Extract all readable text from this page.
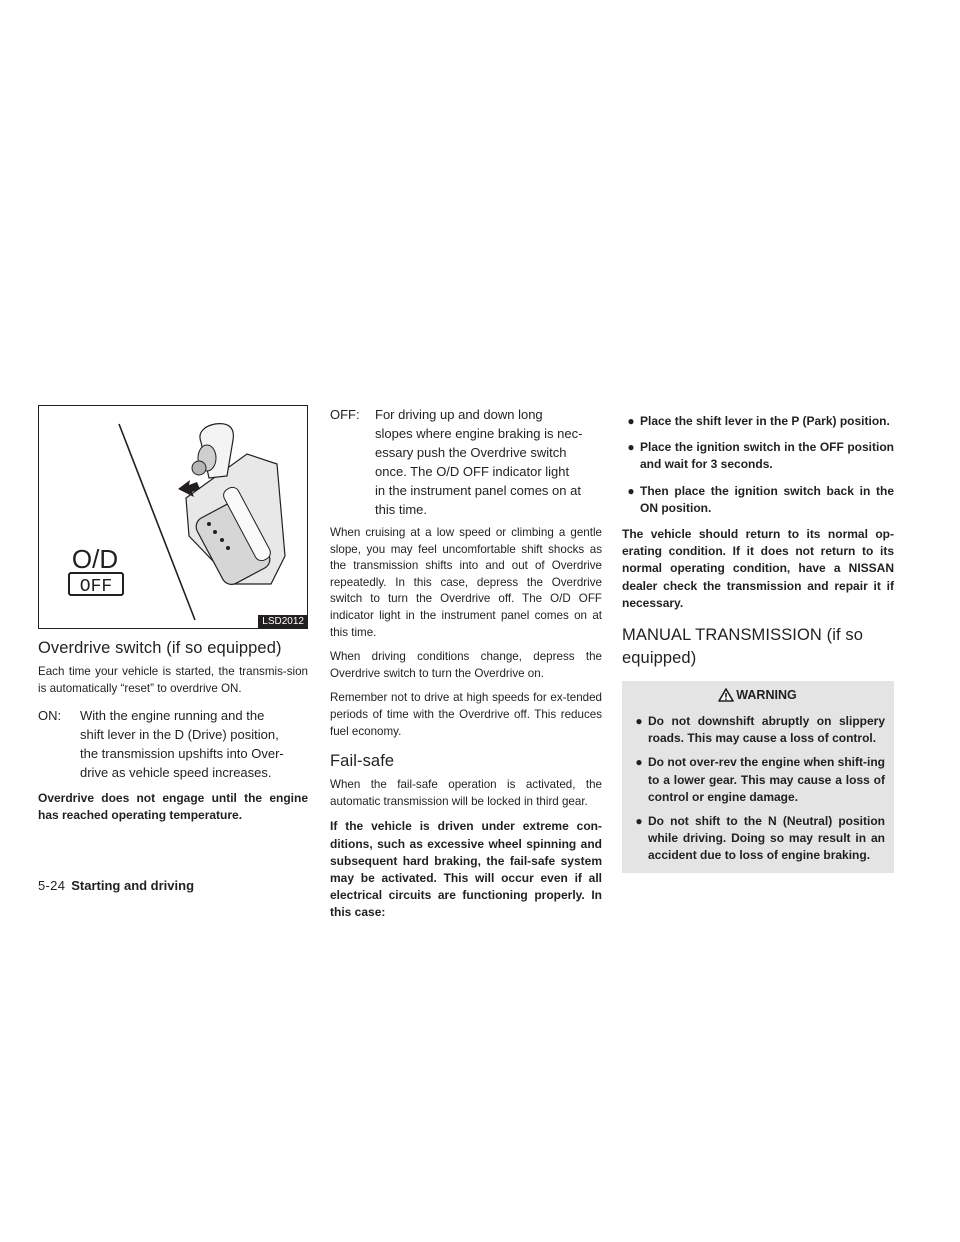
O/D
OFF
LSD2012
Overdrive switch (if so equipped)

Each time your vehicle is started, the transmis-sion is automatically “reset” to overdrive ON.

ON:	With the engine running and the
shift lever in the D (Drive) position,
the transmission upshifts into Over-
drive as vehicle speed increases.

Overdrive does not engage until the engine has reached operating temperature.

OFF:	For driving up and down long
slopes where engine braking is nec-
essary push the Overdrive switch
once. The O/D OFF indicator light
in the instrument panel comes on at
this time.

When cruising at a low speed or climbing a gentle slope, you may feel uncomfortable shift shocks as the transmission shifts into and out of Overdrive repeatedly. In this case, depress the Overdrive switch to turn the Overdrive off. The O/D OFF indicator light in the instrument panel comes on at this time.

When driving conditions change, depress the Overdrive switch to turn the Overdrive on.

Remember not to drive at high speeds for ex-tended periods of time with the Overdrive off. This reduces fuel economy.

Fail-safe

When the fail-safe operation is activated, the automatic transmission will be locked in third gear.

If the vehicle is driven under extreme con-ditions, such as excessive wheel spinning and subsequent hard braking, the fail-safe system may be activated. This will occur even if all electrical circuits are functioning properly. In this case:

● Place the shift lever in the P (Park) position.
● Place the ignition switch in the OFF position and wait for 3 seconds.
● Then place the ignition switch back in the ON position.

The vehicle should return to its normal op-erating condition. If it does not return to its normal operating condition, have a NISSAN dealer check the transmission and repair it if necessary.

MANUAL TRANSMISSION (if so
equipped)
WARNING
● Do not downshift abruptly on slippery roads. This may cause a loss of control.
● Do not over-rev the engine when shift-ing to a lower gear. This may cause a loss of control or engine damage.
● Do not shift to the N (Neutral) position while driving. Doing so may result in an accident due to loss of engine braking.
5-24 Starting and driving
